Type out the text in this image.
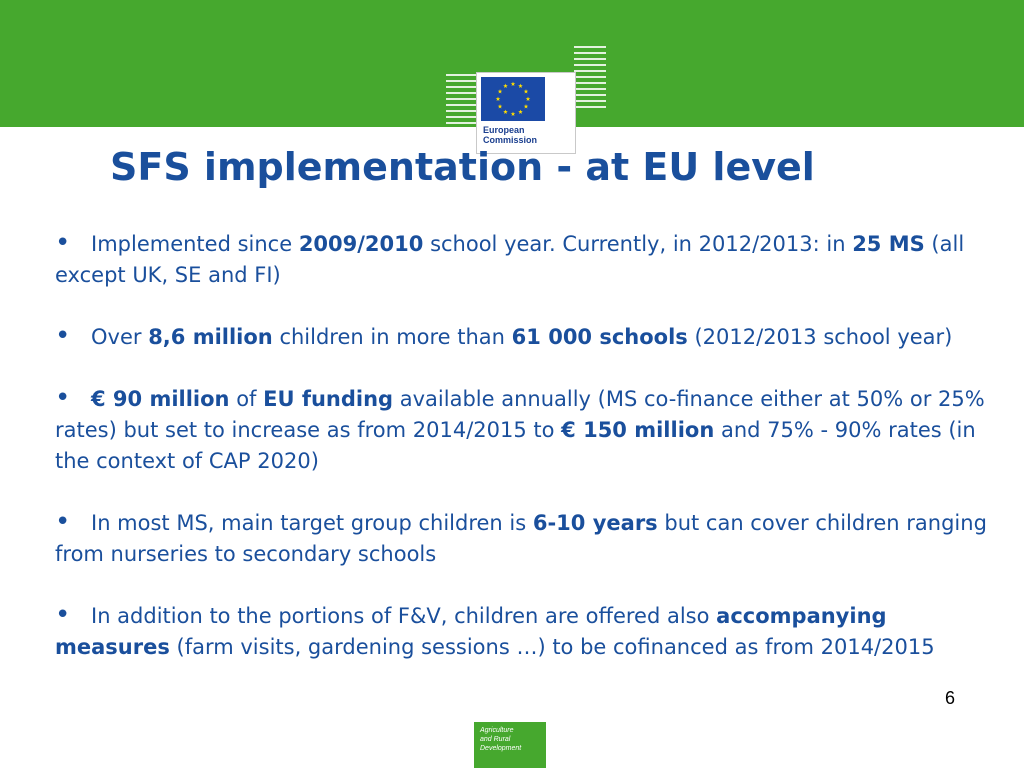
European
Commission
SFS implementation - at EU level
• Implemented since 2009/2010 school year. Currently, in 2012/2013: in 25 MS (all except UK, SE and FI)
• Over 8,6 million children in more than 61 000 schools (2012/2013 school year)
• € 90 million of EU funding available annually (MS co-finance either at 50% or 25% rates) but set to increase as from 2014/2015 to € 150 million and 75% - 90% rates (in the context of CAP 2020)
• In most MS, main target group children is 6-10 years but can cover children ranging from nurseries to secondary schools
• In addition to the portions of F&V, children are offered also accompanying measures (farm visits, gardening sessions …) to be cofinanced as from 2014/2015
6
Agriculture
and Rural
Development
